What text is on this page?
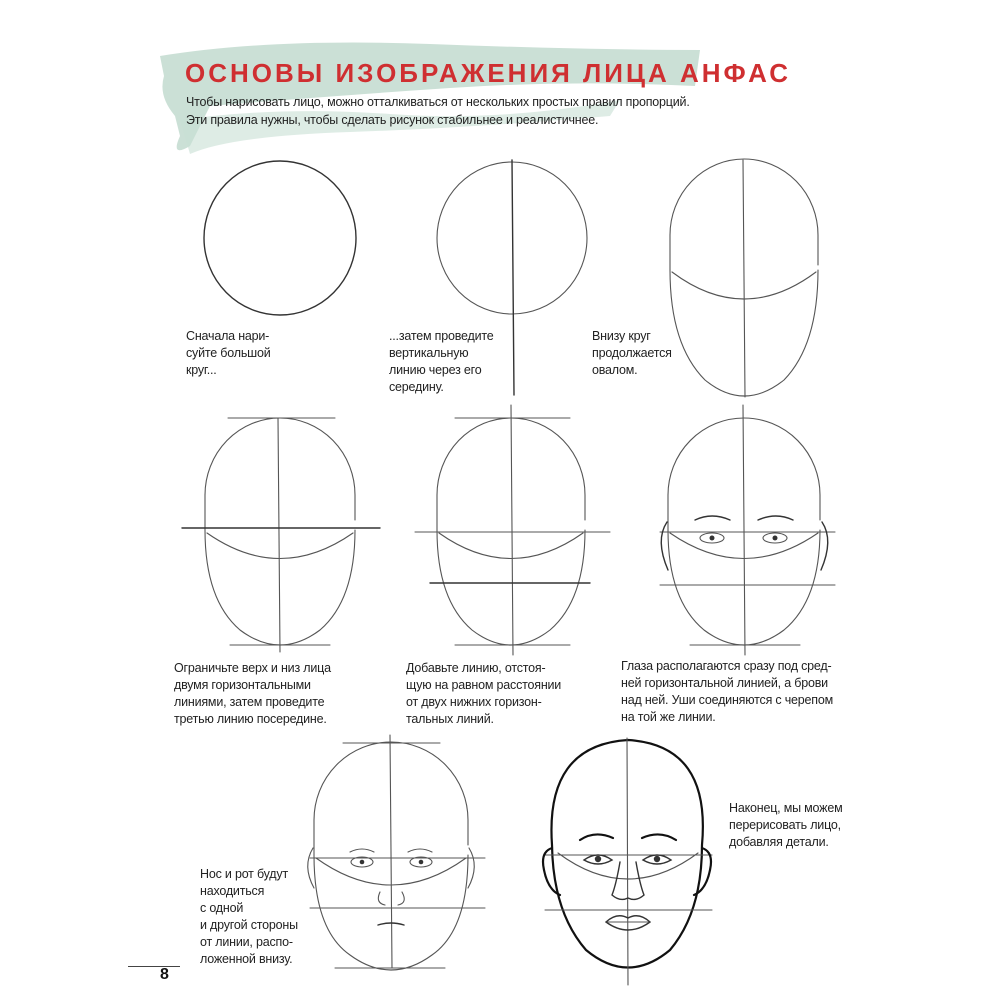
ОСНОВЫ ИЗОБРАЖЕНИЯ ЛИЦА АНФАС
Чтобы нарисовать лицо, можно отталкиваться от нескольких простых правил пропорций.
Эти правила нужны, чтобы сделать рисунок стабильнее и реалистичнее.
Сначала нари-
суйте большой
круг...
...затем проведите
вертикальную
линию через его
середину.
Внизу круг
продолжается
овалом.
Ограничьте верх и низ лица
двумя горизонтальными
линиями, затем проведите
третью линию посередине.
Добавьте линию, отстоя-
щую на равном расстоянии
от двух нижних горизон-
тальных линий.
Глаза располагаются сразу под сред-
ней горизонтальной линией, а брови
над ней. Уши соединяются с черепом
на той же линии.
Нос и рот будут
находиться
с одной
и другой стороны
от линии, распо-
ложенной внизу.
Наконец, мы можем
перерисовать лицо,
добавляя детали.
8
